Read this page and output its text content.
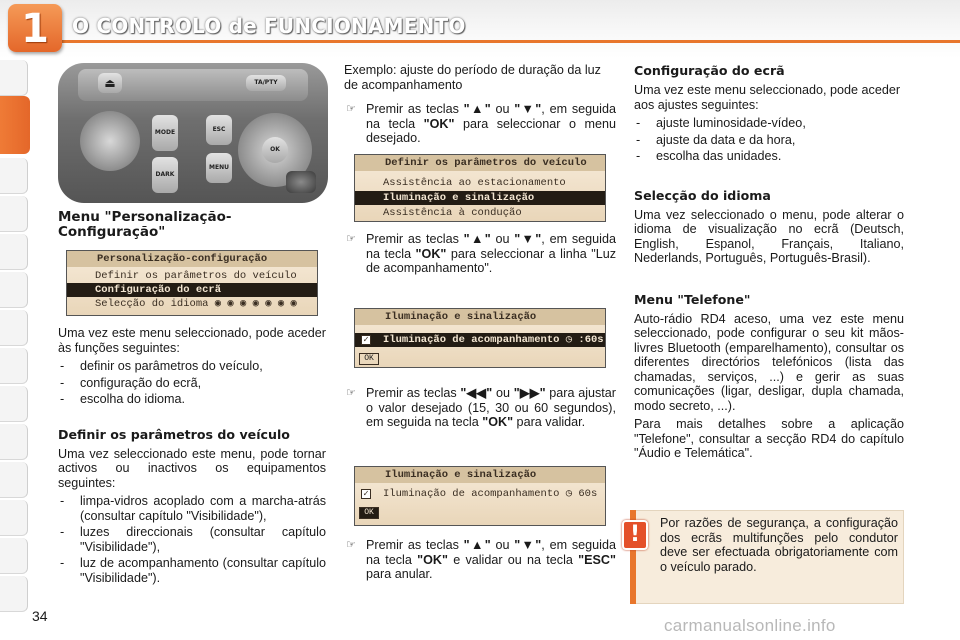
1	O CONTROLO de FUNCIONAMENTO
⏏	TA/PTY
MODE	ESC
DARK
MENU
OK
Menu "Personalização-Configuração"
Personalização-configuração
Definir os parâmetros do veículo
Configuração do ecrã
Selecção do idioma ◉ ◉ ◉ ◉ ◉ ◉ ◉

Uma vez este menu seleccionado, pode aceder às funções seguintes:

- definir os parâmetros do veículo,
- configuração do ecrã,
- escolha do idioma.
Definir os parâmetros do veículo

Uma vez seleccionado este menu, pode tornar activos ou inactivos os equipamentos seguintes:

- limpa-vidros acoplado com a marcha-atrás (consultar capítulo "Visibilidade"),
- luzes direccionais (consultar capítulo "Visibilidade"),
- luz de acompanhamento (consultar capítulo "Visibilidade").

Exemplo: ajuste do período de duração da luz de acompanhamento

☞ Premir as teclas "▲" ou "▼", em seguida na tecla "OK" para seleccionar o menu desejado.
Definir os parâmetros do veículo
Assistência ao estacionamento
Iluminação e sinalização
Assistência à condução
☞ Premir as teclas "▲" ou "▼", em seguida na tecla "OK" para seleccionar a linha "Luz de acompanhamento".
Iluminação e sinalização
✓ Iluminação de acompanhamento ◷ :60s
OK
☞ Premir as teclas "◀◀" ou "▶▶" para ajustar o valor desejado (15, 30 ou 60 segundos), em seguida na tecla "OK" para validar.
Iluminação e sinalização
✓ Iluminação de acompanhamento ◷ 60s
OK
☞ Premir as teclas "▲" ou "▼", em seguida na tecla "OK" e validar ou na tecla "ESC" para anular.
Configuração do ecrã

Uma vez este menu seleccionado, pode aceder aos ajustes seguintes:

- ajuste luminosidade-vídeo,
- ajuste da data e da hora,
- escolha das unidades.
Selecção do idioma

Uma vez seleccionado o menu, pode alterar o idioma de visualização no ecrã (Deutsch, English, Espanol, Français, Italiano, Nederlands, Português, Português-Brasil).

Menu "Telefone"

Auto-rádio RD4 aceso, uma vez este menu seleccionado, pode configurar o seu kit mãos-livres Bluetooth (emparelhamento), consultar os diferentes directórios telefónicos (lista das chamadas, serviços, ...) e gerir as suas comunicações (ligar, desligar, dupla chamada, modo secreto, ...).

Para mais detalhes sobre a aplicação "Telefone", consultar a secção RD4 do capítulo "Áudio e Telemática".

!	Por razões de segurança, a configuração dos ecrãs multifunções pelo condutor deve ser efectuada obrigatoriamente com o veículo parado.
34	carmanualsonline.info
